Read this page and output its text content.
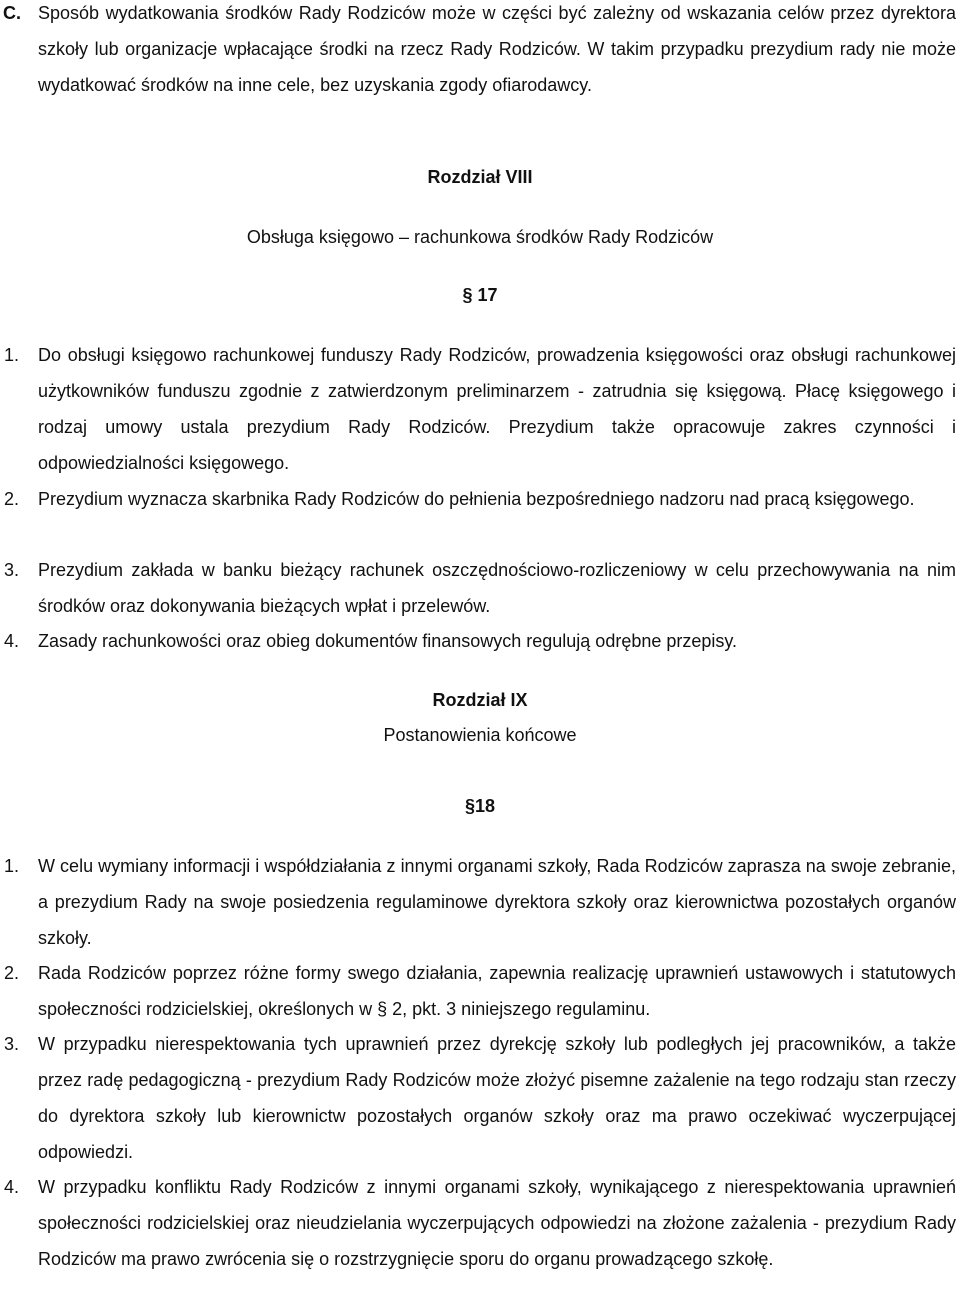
C. Sposób wydatkowania środków Rady Rodziców może w części być zależny od wskazania celów przez dyrektora szkoły lub organizacje wpłacające środki na rzecz Rady Rodziców. W takim przypadku prezydium rady nie może wydatkować środków na inne cele, bez uzyskania zgody ofiarodawcy.
Rozdział VIII
Obsługa księgowo – rachunkowa środków Rady Rodziców
§ 17
1. Do obsługi księgowo rachunkowej funduszy Rady Rodziców, prowadzenia księgowości oraz obsługi rachunkowej użytkowników funduszu zgodnie z zatwierdzonym preliminarzem - zatrudnia się księgową. Płacę księgowego i rodzaj umowy ustala prezydium Rady Rodziców. Prezydium także opracowuje zakres czynności i odpowiedzialności księgowego.
2. Prezydium wyznacza skarbnika Rady Rodziców do pełnienia bezpośredniego nadzoru nad pracą księgowego.
3. Prezydium zakłada w banku bieżący rachunek oszczędnościowo-rozliczeniowy w celu przechowywania na nim środków oraz dokonywania bieżących wpłat i przelewów.
4. Zasady rachunkowości oraz obieg dokumentów finansowych regulują odrębne przepisy.
Rozdział IX
Postanowienia końcowe
§18
1. W celu wymiany informacji i współdziałania z innymi organami szkoły, Rada Rodziców zaprasza na swoje zebranie, a prezydium Rady na swoje posiedzenia regulaminowe dyrektora szkoły oraz kierownictwa pozostałych organów szkoły.
2. Rada Rodziców poprzez różne formy swego działania, zapewnia realizację uprawnień ustawowych i statutowych społeczności rodzicielskiej, określonych w § 2, pkt. 3 niniejszego regulaminu.
3. W przypadku nierespektowania tych uprawnień przez dyrekcję szkoły lub podległych jej pracowników, a także przez radę pedagogiczną - prezydium Rady Rodziców może złożyć pisemne zażalenie na tego rodzaju stan rzeczy do dyrektora szkoły lub kierownictw pozostałych organów szkoły oraz ma prawo oczekiwać wyczerpującej odpowiedzi.
4. W przypadku konfliktu Rady Rodziców z innymi organami szkoły, wynikającego z nierespektowania uprawnień społeczności rodzicielskiej oraz nieudzielania wyczerpujących odpowiedzi na złożone zażalenia - prezydium Rady Rodziców ma prawo zwrócenia się o rozstrzygnięcie sporu do organu prowadzącego szkołę.
